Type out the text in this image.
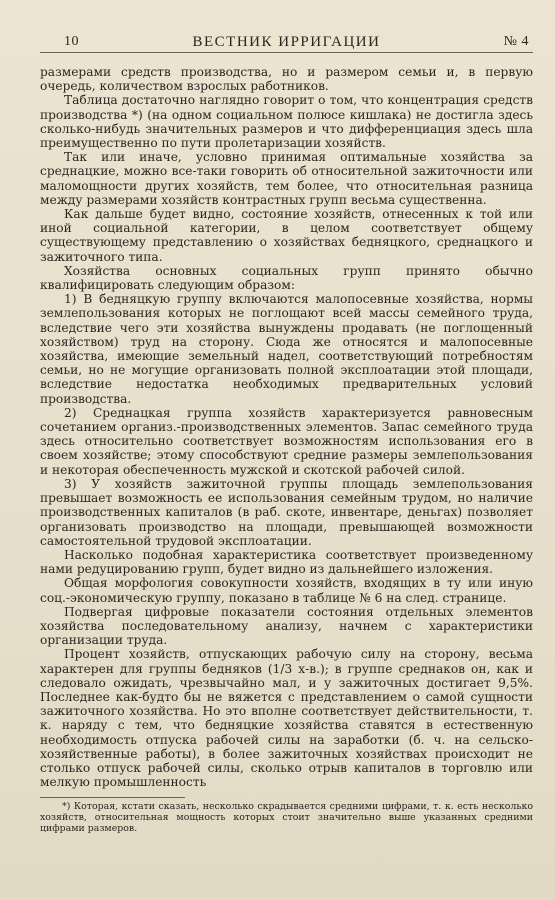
10	ВЕСТНИК ИРРИГАЦИИ	№ 4

размерами средств производства, но и размером семьи и, в первую очередь, количеством взрослых работников.

Таблица достаточно наглядно говорит о том, что концентрация средств производства *) (на одном социальном полюсе кишлака) не достигла здесь сколько-нибудь значительных размеров и что дифференциация здесь шла преимущественно по пути пролетаризации хозяйств.

Так или иначе, условно принимая оптимальные хозяйства за среднацкие, можно все-таки говорить об относительной зажиточности или маломощности других хозяйств, тем более, что относительная разница между размерами хозяйств контрастных групп весьма существенна.

Как дальше будет видно, состояние хозяйств, отнесенных к той или иной социальной категории, в целом соответствует общему существующему представлению о хозяйствах бедняцкого, среднацкого и зажиточного типа.

Хозяйства основных социальных групп принято обычно квалифицировать следующим образом:

1) В бедняцкую группу включаются малопосевные хозяйства, нормы землепользования которых не поглощают всей массы семейного труда, вследствие чего эти хозяйства вынуждены продавать (не поглощенный хозяйством) труд на сторону. Сюда же относятся и малопосевные хозяйства, имеющие земельный надел, соответствующий потребностям семьи, но не могущие организовать полной эксплоатации этой площади, вследствие недостатка необходимых предварительных условий производства.

2) Среднацкая группа хозяйств характеризуется равновесным сочетанием организ.-производственных элементов. Запас семейного труда здесь относительно соответствует возможностям использования его в своем хозяйстве; этому способствуют средние размеры землепользования и некоторая обеспеченность мужской и скотской рабочей силой.

3) У хозяйств зажиточной группы площадь землепользования превышает возможность ее использования семейным трудом, но наличие производственных капиталов (в раб. скоте, инвентаре, деньгах) позволяет организовать производство на площади, превышающей возможности самостоятельной трудовой эксплоатации.

Насколько подобная характеристика соответствует произведенному нами редуцированию групп, будет видно из дальнейшего изложения.

Общая морфология совокупности хозяйств, входящих в ту или иную соц.-экономическую группу, показано в таблице № 6 на след. странице.

Подвергая цифровые показатели состояния отдельных элементов хозяйства последовательному анализу, начнем с характеристики организации труда.

Процент хозяйств, отпускающих рабочую силу на сторону, весьма характерен для группы бедняков (1/3 х-в.); в группе среднаков он, как и следовало ожидать, чрезвычайно мал, и у зажиточных достигает 9,5%. Последнее как-будто бы не вяжется с представлением о самой сущности зажиточного хозяйства. Но это вполне соответствует действительности, т. к. наряду с тем, что бедняцкие хозяйства ставятся в естественную необходимость отпуска рабочей силы на заработки (б. ч. на сельско-хозяйственные работы), в более зажиточных хозяйствах происходит не столько отпуск рабочей силы, сколько отрыв капиталов в торговлю или мелкую промышленность

*) Которая, кстати сказать, несколько скрадывается средними цифрами, т. к. есть несколько хозяйств, относительная мощность которых стоит значительно выше указанных средними цифрами размеров.
